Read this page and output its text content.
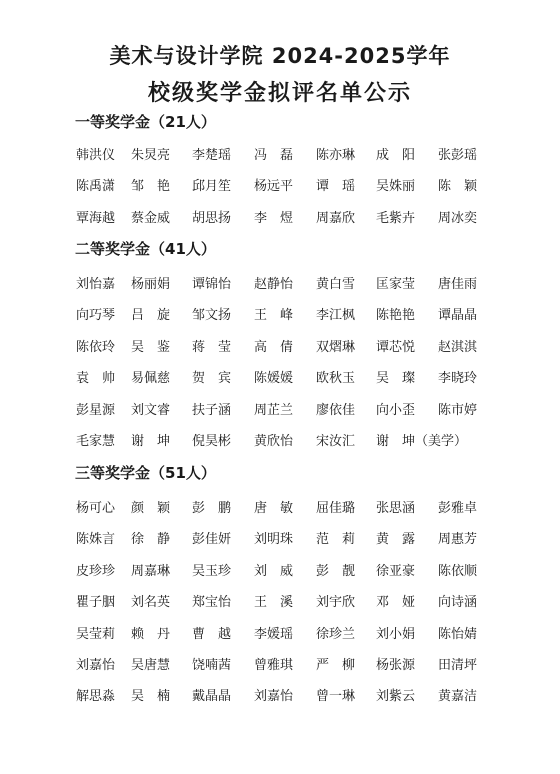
美术与设计学院 2024-2025学年
校级奖学金拟评名单公示
一等奖学金（21人）
韩洪仪 朱炅亮 李楚瑶 冯　磊 陈亦琳 成　阳 张彭瑶
陈禹潇 邹　艳 邱月笙 杨远平 谭　瑶 吴姝丽 陈　颖
覃海越 蔡金威 胡思扬 李　煜 周嘉欣 毛紫卉 周冰奕
二等奖学金（41人）
刘怡嘉 杨丽娟 谭锦怡 赵静怡 黄白雪 匡家莹 唐佳雨
向巧琴 吕　旋 邹文扬 王　峰 李江枫 陈艳艳 谭晶晶
陈依玲 吴　鉴 蒋　莹 高　倩 双熠琳 谭芯悦 赵淇淇
袁　帅 易佩慈 贺　宾 陈媛媛 欧秋玉 吴　璨 李晓玲
彭星源 刘文睿 扶子涵 周芷兰 廖依佳 向小歪 陈市婷
毛家慧 谢　坤 倪昊彬 黄欣怡 宋汝汇 谢　坤（美学）
三等奖学金（51人）
杨可心 颜　颖 彭　鹏 唐　敏 屈佳璐 张思涵 彭雅卓
陈姝言 徐　静 彭佳妍 刘明珠 范　莉 黄　露 周惠芳
皮珍珍 周嘉琳 吴玉珍 刘　威 彭　靓 徐亚豪 陈依顺
瞿子胭 刘名英 郑宝怡 王　溪 刘宇欣 邓　娅 向诗涵
吴莹莉 赖　丹 曹　越 李媛瑶 徐珍兰 刘小娟 陈怡婧
刘嘉怡 吴唐慧 饶喃茜 曾雅琪 严　柳 杨张源 田清坪
解思淼 吴　楠 戴晶晶 刘嘉怡 曾一琳 刘紫云 黄嘉洁
